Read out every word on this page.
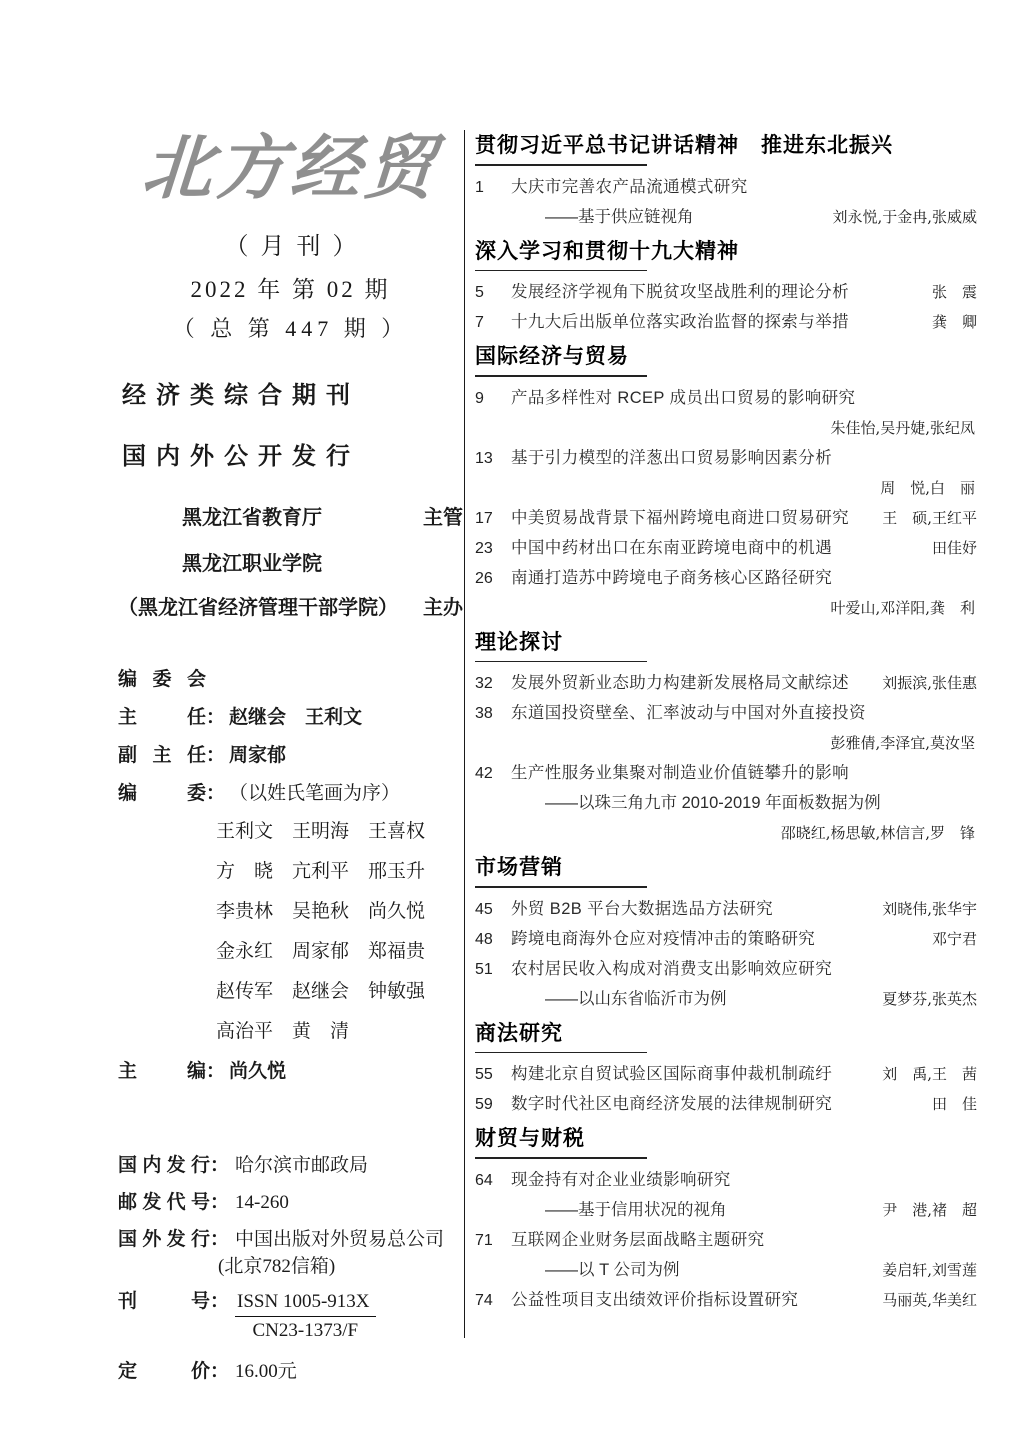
北方经贸
（月刊）
2022 年 第 02 期
（ 总 第 447 期 ）
经济类综合期刊
国内外公开发行
黑龙江省教育厅	主管
黑龙江职业学院
（黑龙江省经济管理干部学院） 主办
编委会
主任 ： 赵继会　王利文
副主任 ： 周家郁
编委 ： （以姓氏笔画为序）
王利文　王明海　王喜权
方　晓　亢利平　邢玉升
李贵林　吴艳秋　尚久悦
金永红　周家郁　郑福贵
赵传军　赵继会　钟敏强
高治平　黄　清
主编 ： 尚久悦
国内发行 ： 哈尔滨市邮政局
邮发代号 ： 14-260
国外发行 ： 中国出版对外贸易总公司
(北京782信箱)
刊号 ： $\frac{\text{ISSN 1005-913X}}{CN23-1373/F}$
定价 ： 16.00元
贯彻习近平总书记讲话精神　推进东北振兴
1	大庆市完善农产品流通模式研究
——基于供应链视角	刘永悦,于金冉,张威威
深入学习和贯彻十九大精神
5	发展经济学视角下脱贫攻坚战胜利的理论分析	张　震
7	十九大后出版单位落实政治监督的探索与举措	龚　卿
国际经济与贸易
9	产品多样性对 RCEP 成员出口贸易的影响研究
朱佳怡,吴丹婕,张纪凤
13	基于引力模型的洋葱出口贸易影响因素分析
周　悦,白　丽
17	中美贸易战背景下福州跨境电商进口贸易研究	王　硕,王红平
23	中国中药材出口在东南亚跨境电商中的机遇	田佳妤
26	南通打造苏中跨境电子商务核心区路径研究
叶爱山,邓洋阳,龚　利
理论探讨
32	发展外贸新业态助力构建新发展格局文献综述	刘振滨,张佳惠
38	东道国投资壁垒、汇率波动与中国对外直接投资
彭雅倩,李泽宜,莫汝坚
42	生产性服务业集聚对制造业价值链攀升的影响
——以珠三角九市 2010-2019 年面板数据为例
邵晓红,杨思敏,林信言,罗　锋
市场营销
45	外贸 B2B 平台大数据选品方法研究	刘晓伟,张华宇
48	跨境电商海外仓应对疫情冲击的策略研究	邓宁君
51	农村居民收入构成对消费支出影响效应研究
——以山东省临沂市为例	夏梦芬,张英杰
商法研究
55	构建北京自贸试验区国际商事仲裁机制疏纡	刘　禹,王　茜
59	数字时代社区电商经济发展的法律规制研究	田　佳
财贸与财税
64	现金持有对企业业绩影响研究
——基于信用状况的视角	尹　港,褚　超
71	互联网企业财务层面战略主题研究
——以 T 公司为例	姜启轩,刘雪莲
74	公益性项目支出绩效评价指标设置研究	马丽英,华美红
